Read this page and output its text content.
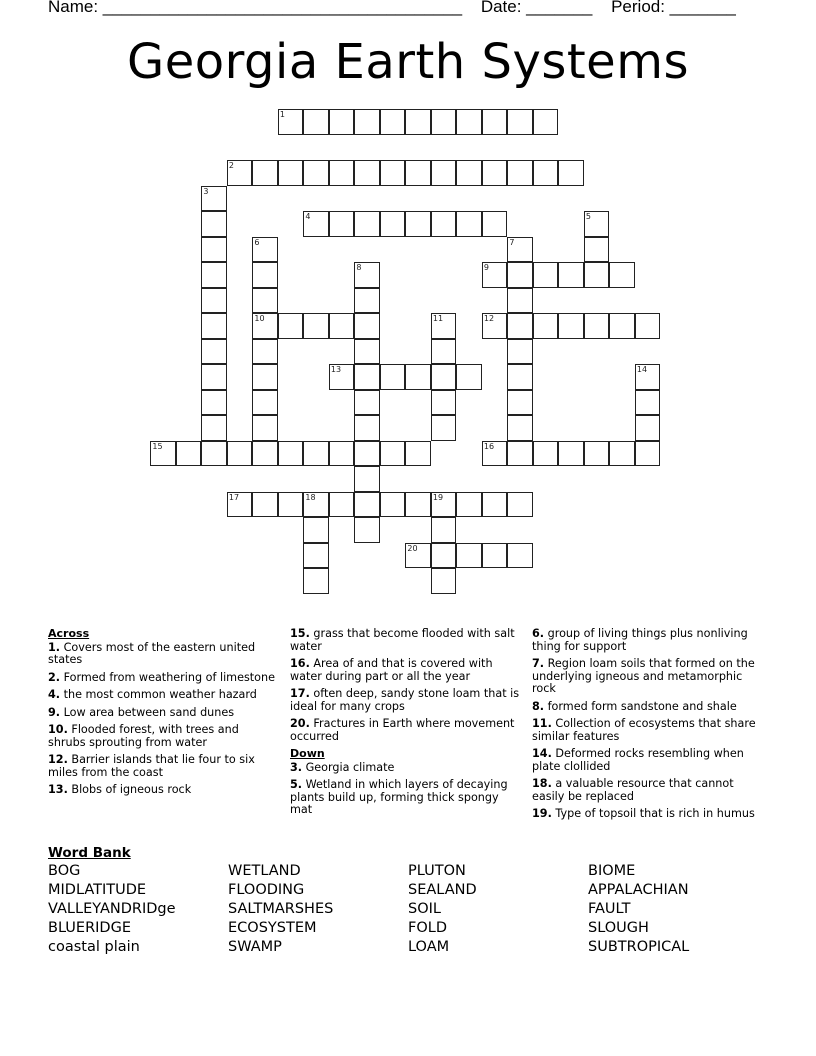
Name: ______________________________________ Date: _______ Period: _______
Georgia Earth Systems
1
2
3
4	5
6
10
7
8	9
11	12
13	14
15	16
17	18	19
20
Across
1. Covers most of the eastern united states
2. Formed from weathering of limestone
4. the most common weather hazard
9. Low area between sand dunes
10. Flooded forest, with trees and shrubs sprouting from water
12. Barrier islands that lie four to six miles from the coast
13. Blobs of igneous rock
15. grass that become flooded with salt water
16. Area of and that is covered with water during part or all the year
17. often deep, sandy stone loam that is ideal for many crops
20. Fractures in Earth where movement occurred
Down
3. Georgia climate
5. Wetland in which layers of decaying plants build up, forming thick spongy mat
6. group of living things plus nonliving thing for support
7. Region loam soils that formed on the underlying igneous and metamorphic rock
8. formed form sandstone and shale
11. Collection of ecosystems that share similar features
14. Deformed rocks resembling when plate clollided
18. a valuable resource that cannot easily be replaced
19. Type of topsoil that is rich in humus
Word Bank
BOG	WETLAND	PLUTON	BIOME
MIDLATITUDE	FLOODING	SEALAND	APPALACHIAN
VALLEYANDRIDge	SALTMARSHES	SOIL	FAULT
BLUERIDGE	ECOSYSTEM	FOLD	SLOUGH
coastal plain	SWAMP	LOAM	SUBTROPICAL
